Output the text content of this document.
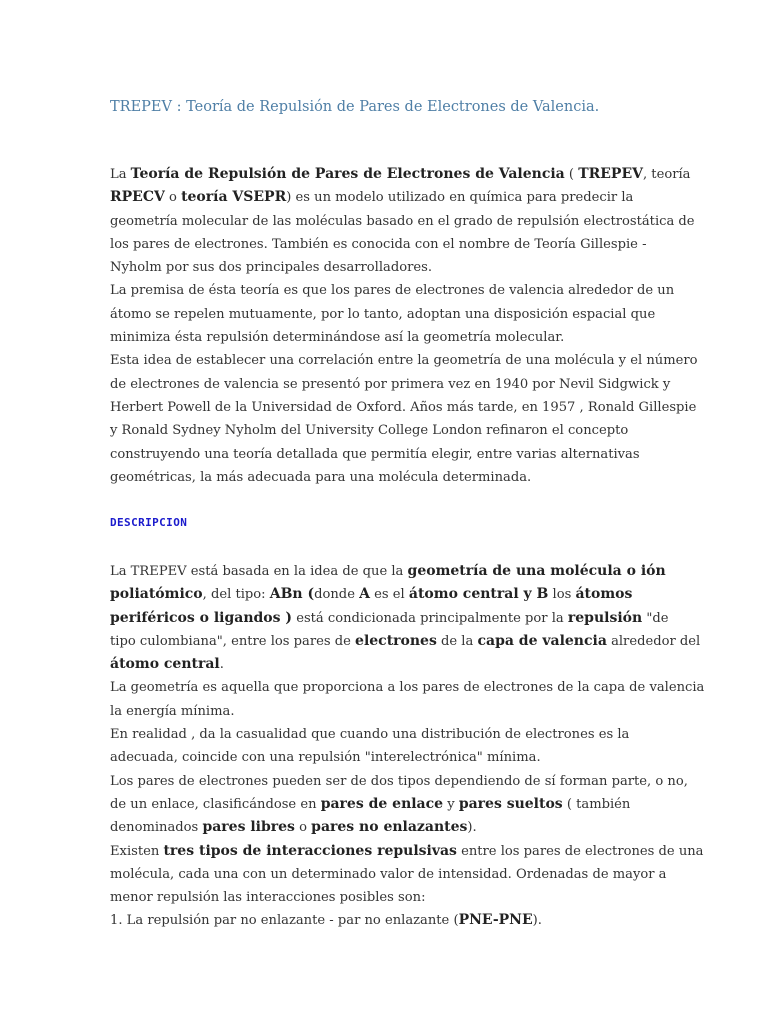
TREPEV : Teoría de Repulsión de Pares de Electrones de Valencia.
La Teoría de Repulsión de Pares de Electrones de Valencia ( TREPEV, teoría
RPECV o teoría VSEPR) es un modelo utilizado en química para predecir la
geometría molecular de las moléculas basado en el grado de repulsión electrostática de
los pares de electrones. También es conocida con el nombre de Teoría Gillespie -
Nyholm por sus dos principales desarrolladores.
La premisa de ésta teoría es que los pares de electrones de valencia alrededor de un
átomo se repelen mutuamente, por lo tanto, adoptan una disposición espacial que
minimiza ésta repulsión determinándose así la geometría molecular.
Esta idea de establecer una correlación entre la geometría de una molécula y el número
de electrones de valencia se presentó por primera vez en 1940 por Nevil Sidgwick y
Herbert Powell de la Universidad de Oxford. Años más tarde, en 1957 , Ronald Gillespie
y Ronald Sydney Nyholm del University College London refinaron el concepto
construyendo una teoría detallada que permitía elegir, entre varias alternativas
geométricas, la más adecuada para una molécula determinada.
DESCRIPCION
La TREPEV está basada en la idea de que la geometría de una molécula o ión
poliatómico, del tipo: ABn (donde A es el átomo central y B los átomos
periféricos o ligandos ) está condicionada principalmente por la repulsión "de
tipo culombiana", entre los pares de electrones de la capa de valencia alrededor del
átomo central.
La geometría es aquella que proporciona a los pares de electrones de la capa de valencia
la energía mínima.
En realidad , da la casualidad que cuando una distribución de electrones es la
adecuada, coincide con una repulsión "interelectrónica" mínima.
Los pares de electrones pueden ser de dos tipos dependiendo de sí forman parte, o no,
de un enlace, clasificándose en pares de enlace y pares sueltos ( también
denominados pares libres o pares no enlazantes).
Existen tres tipos de interacciones repulsivas entre los pares de electrones de una
molécula, cada una con un determinado valor de intensidad. Ordenadas de mayor a
menor repulsión las interacciones posibles son:
1. La repulsión par no enlazante - par no enlazante (PNE-PNE).
